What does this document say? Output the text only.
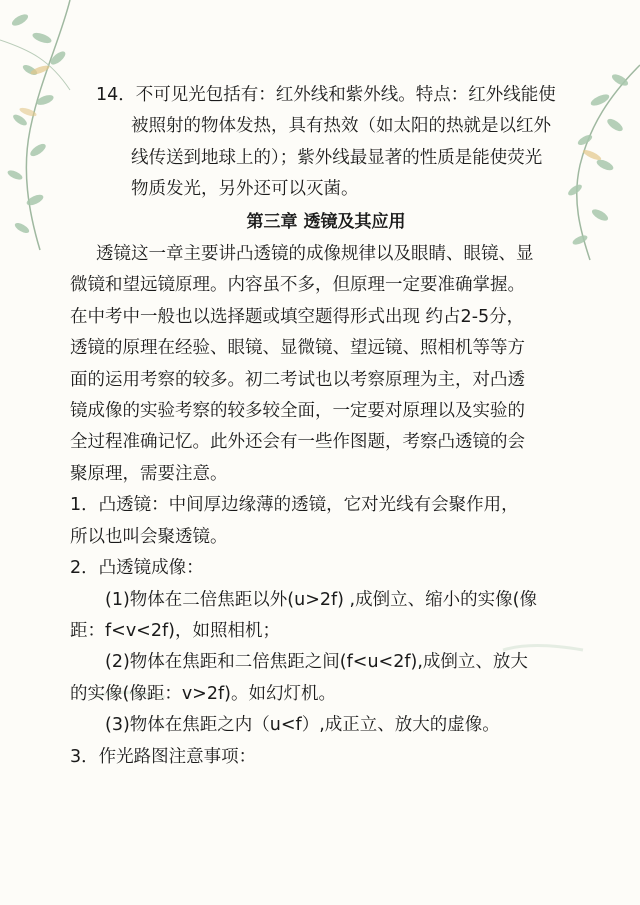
14．不可见光包括有：红外线和紫外线。特点：红外线能使

被照射的物体发热，具有热效（如太阳的热就是以红外

线传送到地球上的）；紫外线最显著的性质是能使荧光

物质发光，另外还可以灭菌。

第三章 透镜及其应用

透镜这一章主要讲凸透镜的成像规律以及眼睛、眼镜、显

微镜和望远镜原理。内容虽不多，但原理一定要准确掌握。

在中考中一般也以选择题或填空题得形式出现 约占2-5分，

透镜的原理在经验、眼镜、显微镜、望远镜、照相机等等方

面的运用考察的较多。初二考试也以考察原理为主，对凸透

镜成像的实验考察的较多较全面，一定要对原理以及实验的

全过程准确记忆。此外还会有一些作图题，考察凸透镜的会

聚原理，需要注意。

1．凸透镜：中间厚边缘薄的透镜，它对光线有会聚作用，

所以也叫会聚透镜。

2．凸透镜成像：

(1)物体在二倍焦距以外(u>2f) ,成倒立、缩小的实像(像

距：f<v<2f)，如照相机；

(2)物体在焦距和二倍焦距之间(f<u<2f),成倒立、放大

的实像(像距：v>2f)。如幻灯机。

(3)物体在焦距之内（u<f）,成正立、放大的虚像。

3．作光路图注意事项：
